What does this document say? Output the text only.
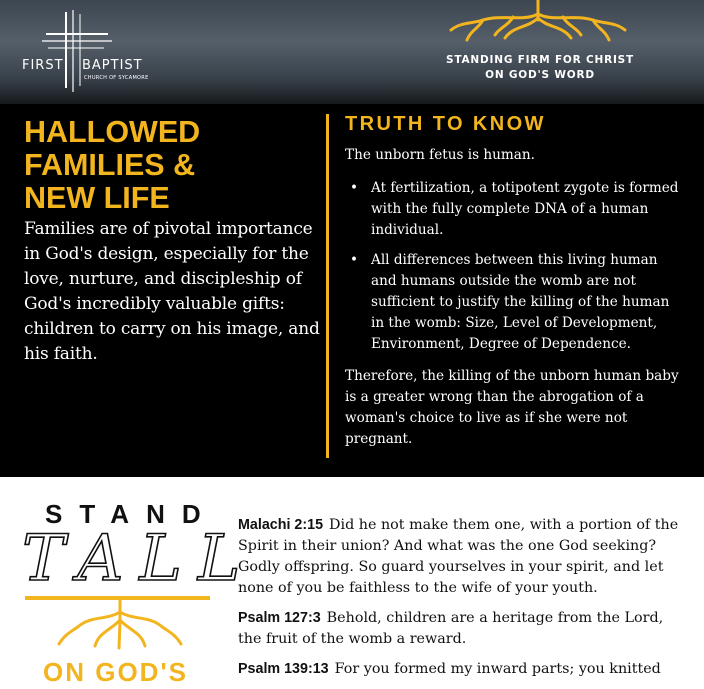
STANDING FIRM FOR CHRIST
ON GOD'S WORD
FIRST BAPTIST
CHURCH OF SYCAMORE
HALLOWED
FAMILIES &
NEW LIFE

Families are of pivotal importance in God's design, especially for the love, nurture, and discipleship of God's incredibly valuable gifts: children to carry on his image, and his faith.

TRUTH TO KNOW

The unborn fetus is human.

• At fertilization, a totipotent zygote is formed with the fully complete DNA of a human individual.
• All differences between this living human and humans outside the womb are not sufficient to justify the killing of the human in the womb: Size, Level of Development, Environment, Degree of Dependence.

Therefore, the killing of the unborn human baby is a greater wrong than the abrogation of a woman's choice to live as if she were not pregnant.

STAND
TALL
ON GOD'S

Malachi 2:15 Did he not make them one, with a portion of the Spirit in their union? And what was the one God seeking? Godly offspring. So guard yourselves in your spirit, and let none of you be faithless to the wife of your youth.

Psalm 127:3 Behold, children are a heritage from the Lord, the fruit of the womb a reward.

Psalm 139:13 For you formed my inward parts; you knitted
